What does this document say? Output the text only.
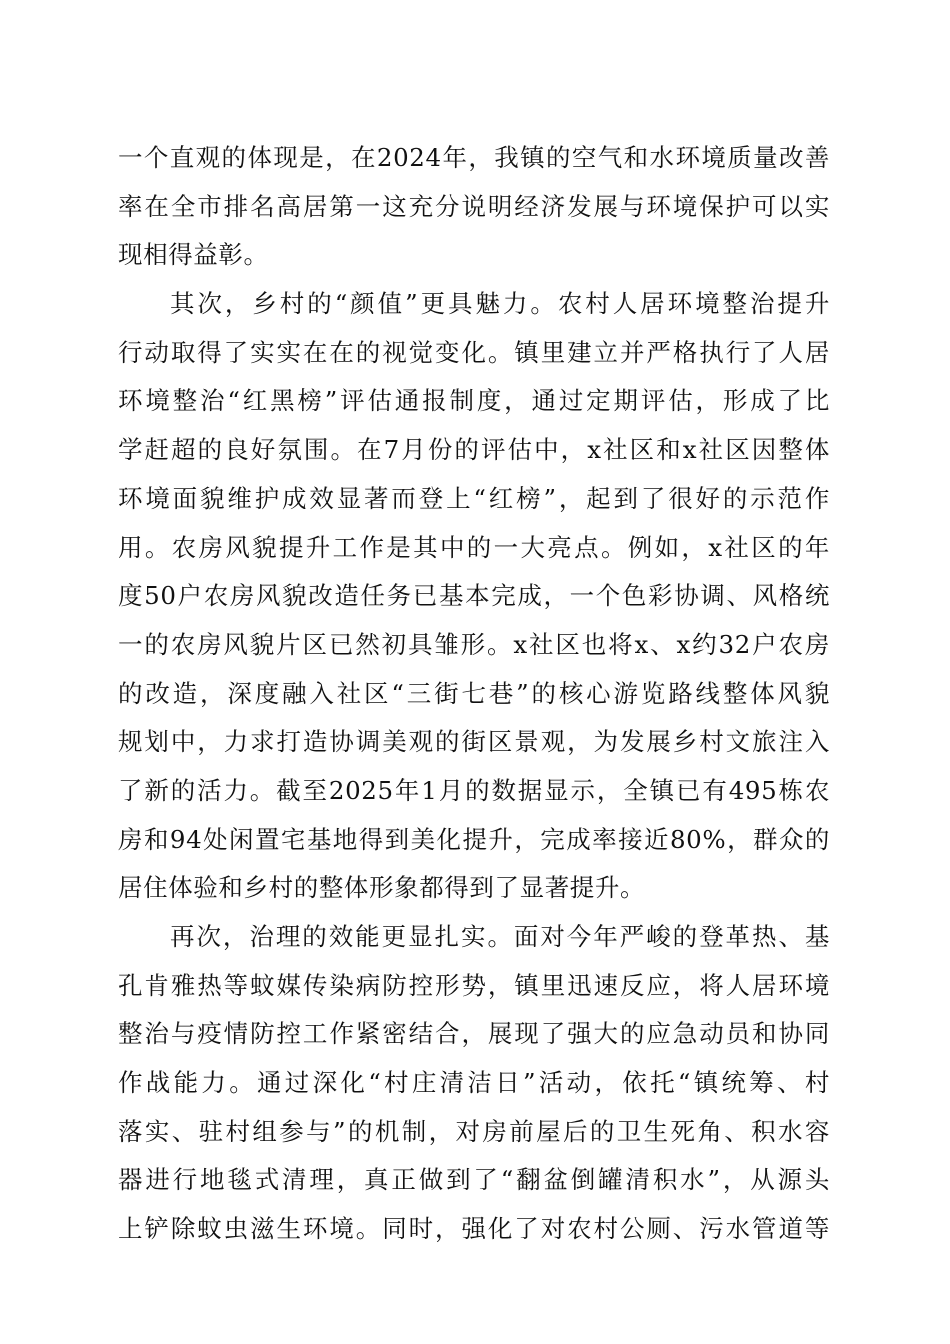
一个直观的体现是，在2024年，我镇的空气和水环境质量改善
率在全市排名高居第一这充分说明经济发展与环境保护可以实
现相得益彰。
其次，乡村的“颜值”更具魅力。农村人居环境整治提升
行动取得了实实在在的视觉变化。镇里建立并严格执行了人居
环境整治“红黑榜”评估通报制度，通过定期评估，形成了比
学赶超的良好氛围。在7月份的评估中，x社区和x社区因整体
环境面貌维护成效显著而登上“红榜”，起到了很好的示范作
用。农房风貌提升工作是其中的一大亮点。例如，x社区的年
度50户农房风貌改造任务已基本完成，一个色彩协调、风格统
一的农房风貌片区已然初具雏形。x社区也将x、x约32户农房
的改造，深度融入社区“三街七巷”的核心游览路线整体风貌
规划中，力求打造协调美观的街区景观，为发展乡村文旅注入
了新的活力。截至2025年1月的数据显示，全镇已有495栋农
房和94处闲置宅基地得到美化提升，完成率接近80%，群众的
居住体验和乡村的整体形象都得到了显著提升。
再次，治理的效能更显扎实。面对今年严峻的登革热、基
孔肯雅热等蚊媒传染病防控形势，镇里迅速反应，将人居环境
整治与疫情防控工作紧密结合，展现了强大的应急动员和协同
作战能力。通过深化“村庄清洁日”活动，依托“镇统筹、村
落实、驻村组参与”的机制，对房前屋后的卫生死角、积水容
器进行地毯式清理，真正做到了“翻盆倒罐清积水”，从源头
上铲除蚊虫滋生环境。同时，强化了对农村公厕、污水管道等
